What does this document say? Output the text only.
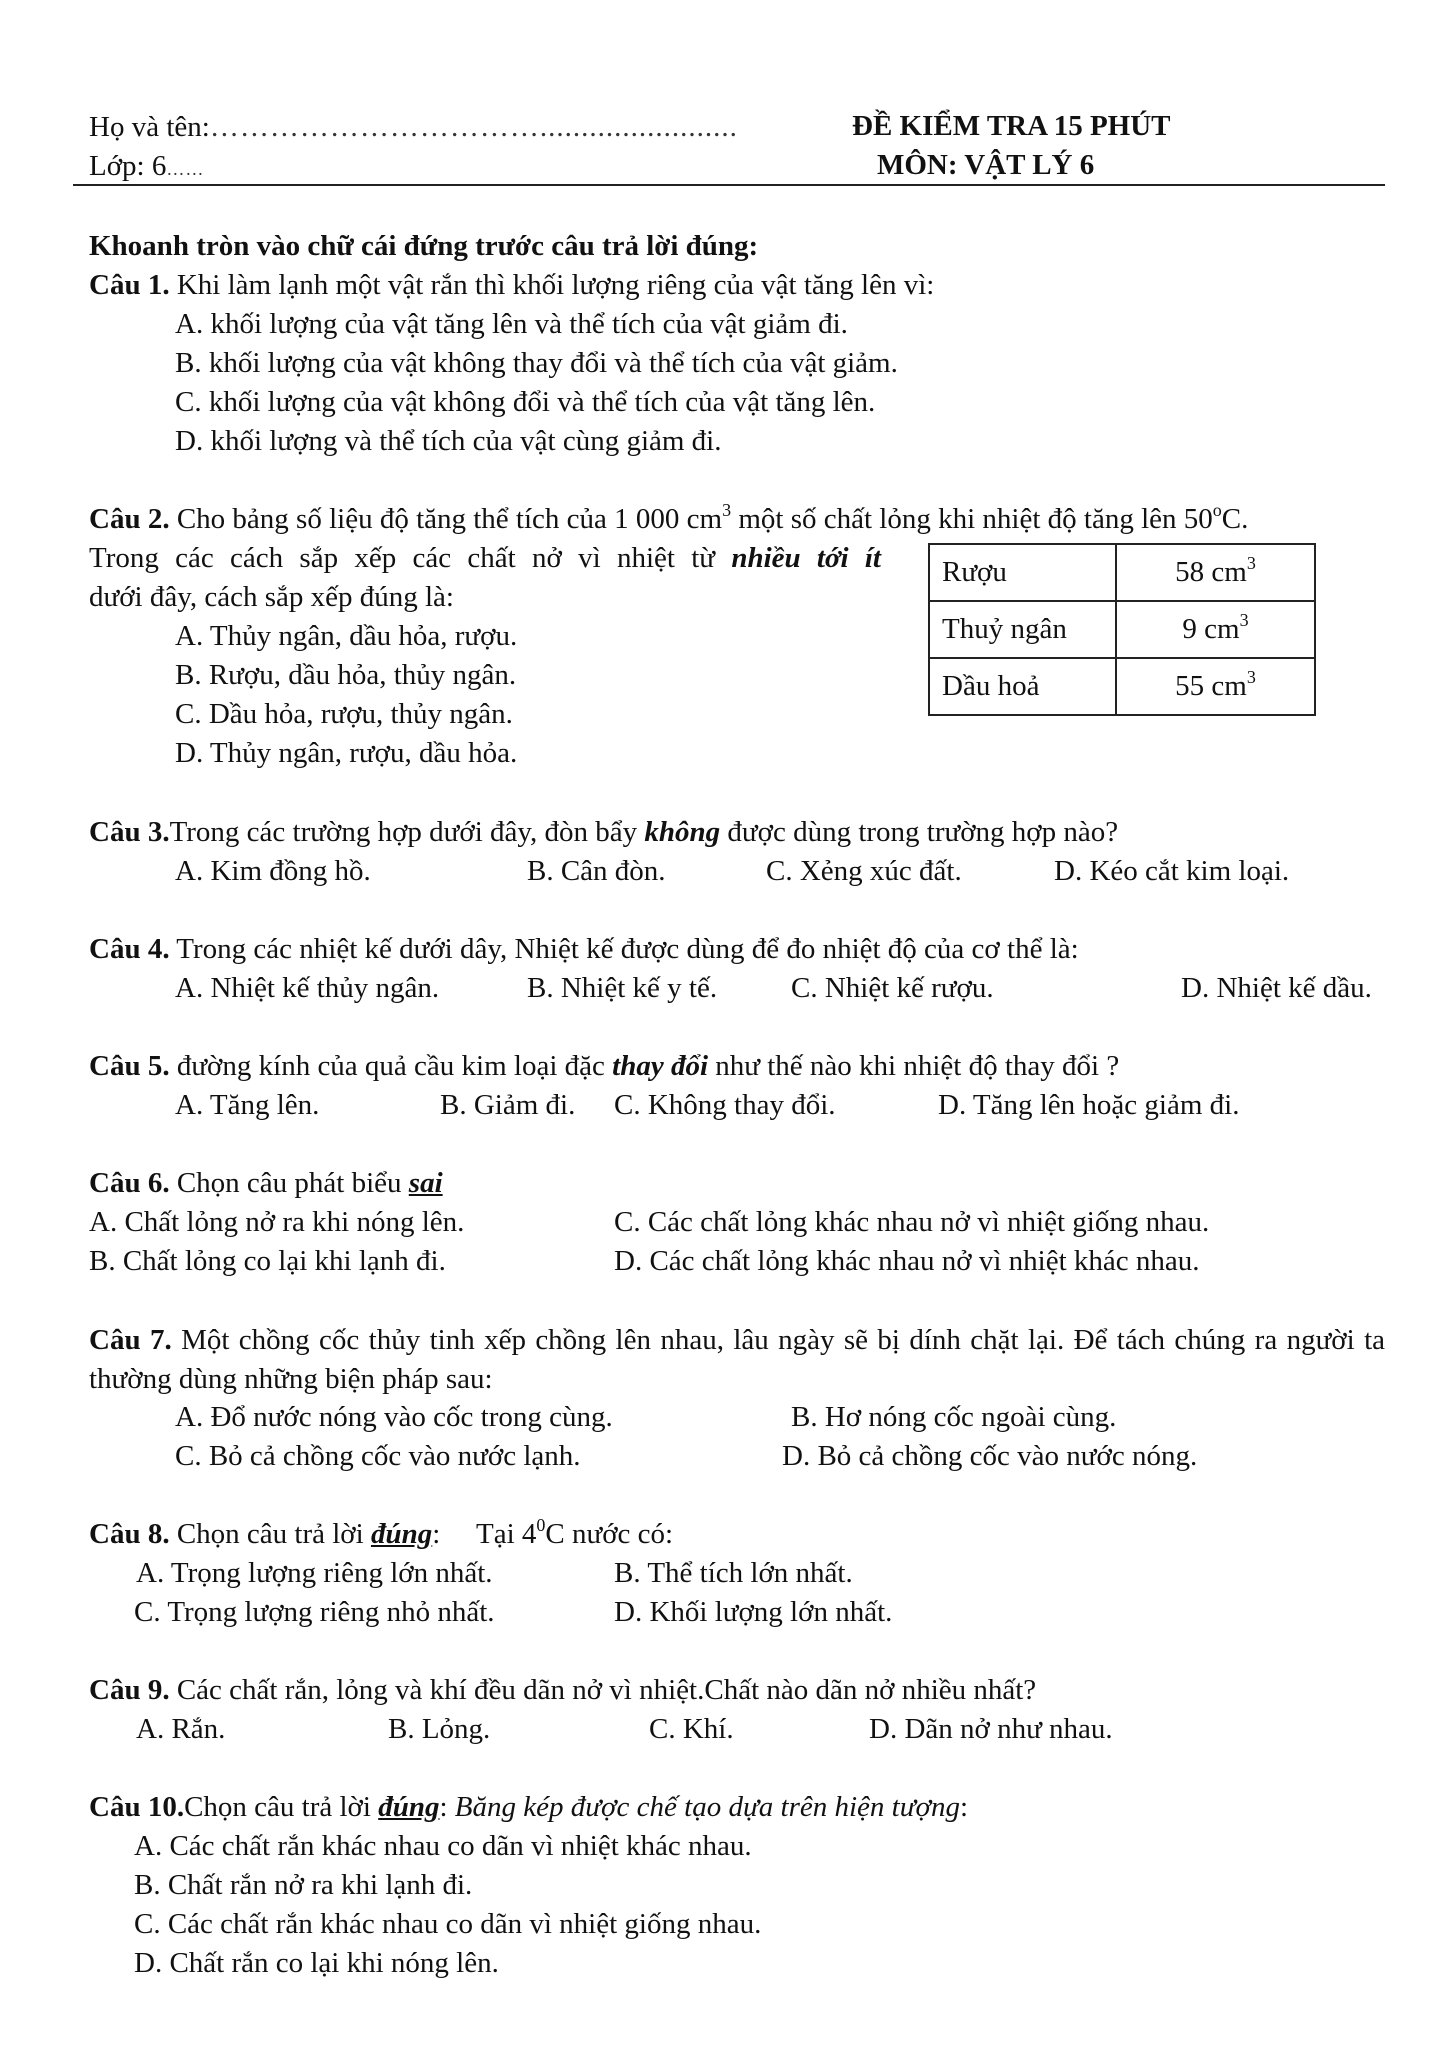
Họ và tên:……………………………........................	ĐỀ KIỂM TRA 15 PHÚT
Lớp: 6……	MÔN: VẬT LÝ 6
Khoanh tròn vào chữ cái đứng trước câu trả lời đúng:
Câu 1. Khi làm lạnh một vật rắn thì khối lượng riêng của vật tăng lên vì:
A. khối lượng của vật tăng lên và thể tích của vật giảm đi.
B. khối lượng của vật không thay đổi và thể tích của vật giảm.
C. khối lượng của vật không đổi và thể tích của vật tăng lên.
D. khối lượng và thể tích của vật cùng giảm đi.
Câu 2. Cho bảng số liệu độ tăng thể tích của 1 000 $cm^3$ một số chất lỏng khi nhiệt độ tăng lên 50$^o$C.
Trong các cách sắp xếp các chất nở vì nhiệt từ nhiều tới ít
dưới đây, cách sắp xếp đúng là:
A. Thủy ngân, dầu hỏa, rượu.
B. Rượu, dầu hỏa, thủy ngân.
C. Dầu hỏa, rượu, thủy ngân.
D. Thủy ngân, rượu, dầu hỏa.
Rượu	58 $cm^3$
Thuỷ ngân	9 $cm^3$
Dầu hoả	55 $cm^3$
Câu 3.Trong các trường hợp dưới đây, đòn bẩy không được dùng trong trường hợp nào?
A. Kim đồng hồ.	B. Cân đòn.	C. Xẻng xúc đất.	D. Kéo cắt kim loại.
Câu 4. Trong các nhiệt kế dưới dây, Nhiệt kế được dùng để đo nhiệt độ của cơ thể là:
A. Nhiệt kế thủy ngân.	B. Nhiệt kế y tế.	C. Nhiệt kế rượu.	D. Nhiệt kế dầu.
Câu 5. đường kính của quả cầu kim loại đặc thay đổi như thế nào khi nhiệt độ thay đổi ?
A. Tăng lên.	B. Giảm đi. C. Không thay đổi.	D. Tăng lên hoặc giảm đi.
Câu 6. Chọn câu phát biểu sai
A. Chất lỏng nở ra khi nóng lên.	C. Các chất lỏng khác nhau nở vì nhiệt giống nhau.
B. Chất lỏng co lại khi lạnh đi.	D. Các chất lỏng khác nhau nở vì nhiệt khác nhau.
Câu 7. Một chồng cốc thủy tinh xếp chồng lên nhau, lâu ngày sẽ bị dính chặt lại. Để tách chúng ra người ta thường dùng những biện pháp sau:
A. Đổ nước nóng vào cốc trong cùng.	B. Hơ nóng cốc ngoài cùng.
C. Bỏ cả chồng cốc vào nước lạnh.	D. Bỏ cả chồng cốc vào nước nóng.
Câu 8. Chọn câu trả lời đúng:     Tại $4^0C$ nước có:
A. Trọng lượng riêng lớn nhất.	B. Thể tích lớn nhất.
C. Trọng lượng riêng nhỏ nhất.	D. Khối lượng lớn nhất.
Câu 9. Các chất rắn, lỏng và khí đều dãn nở vì nhiệt.Chất nào dãn nở nhiều nhất?
A. Rắn.	B. Lỏng.	C. Khí.	D. Dãn nở như nhau.
Câu 10.Chọn câu trả lời đúng: Băng kép được chế tạo dựa trên hiện tượng:
A. Các chất rắn khác nhau co dãn vì nhiệt khác nhau.
B. Chất rắn nở ra khi lạnh đi.
C. Các chất rắn khác nhau co dãn vì nhiệt giống nhau.
D. Chất rắn co lại khi nóng lên.
